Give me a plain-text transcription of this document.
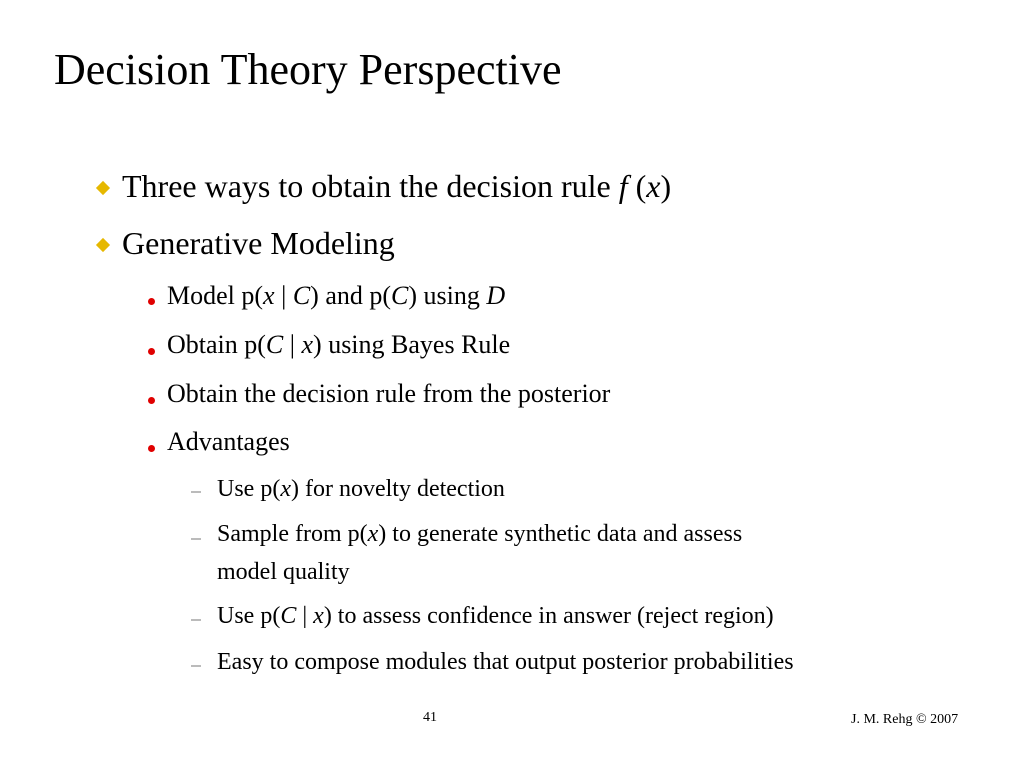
Decision Theory Perspective
Three ways to obtain the decision rule f (x)
Generative Modeling
Model p(x | C) and p(C) using D
Obtain p(C | x) using Bayes Rule
Obtain the decision rule from the posterior
Advantages
Use p(x) for novelty detection
Sample from p(x) to generate synthetic data and assess
model quality
Use p(C | x) to assess confidence in answer (reject region)
Easy to compose modules that output posterior probabilities
41	J. M. Rehg © 2007
